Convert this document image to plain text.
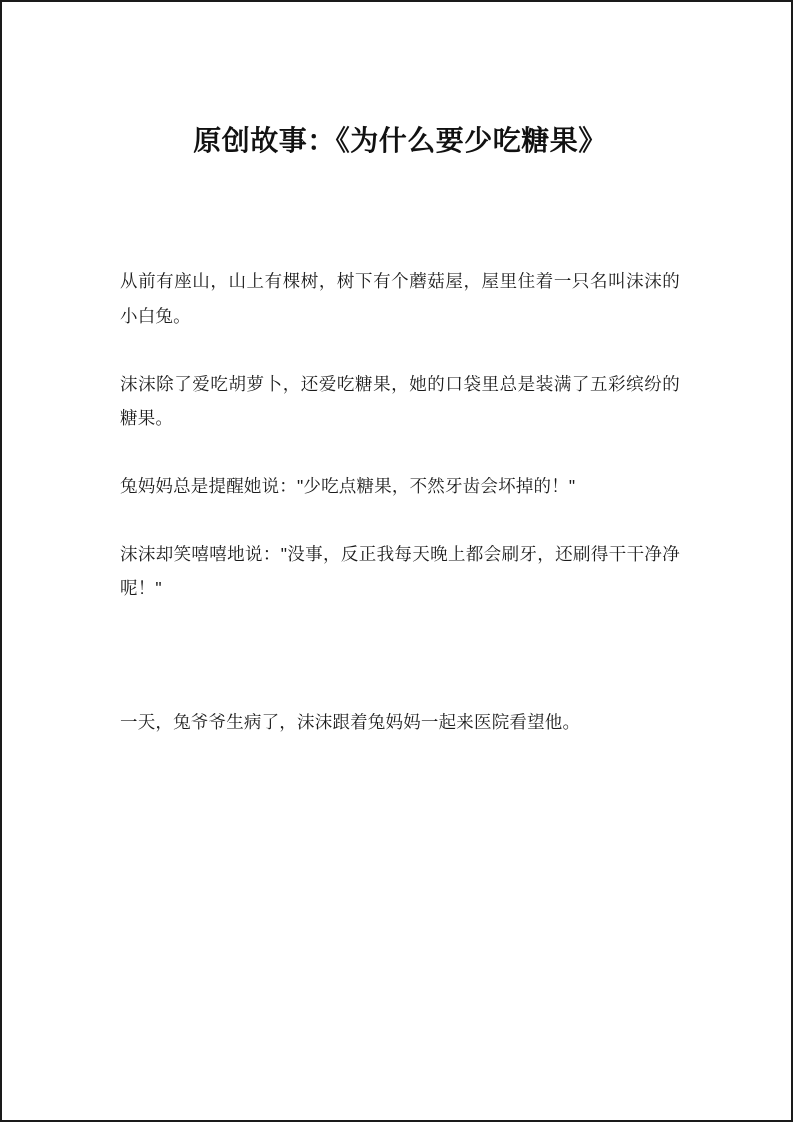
原创故事：《为什么要少吃糖果》

从前有座山，山上有棵树，树下有个蘑菇屋，屋里住着一只名叫沫沫的小白兔。

沫沫除了爱吃胡萝卜，还爱吃糖果，她的口袋里总是装满了五彩缤纷的糖果。

兔妈妈总是提醒她说："少吃点糖果，不然牙齿会坏掉的！"

沫沫却笑嘻嘻地说："没事，反正我每天晚上都会刷牙，还刷得干干净净呢！"

一天，兔爷爷生病了，沫沫跟着兔妈妈一起来医院看望他。
